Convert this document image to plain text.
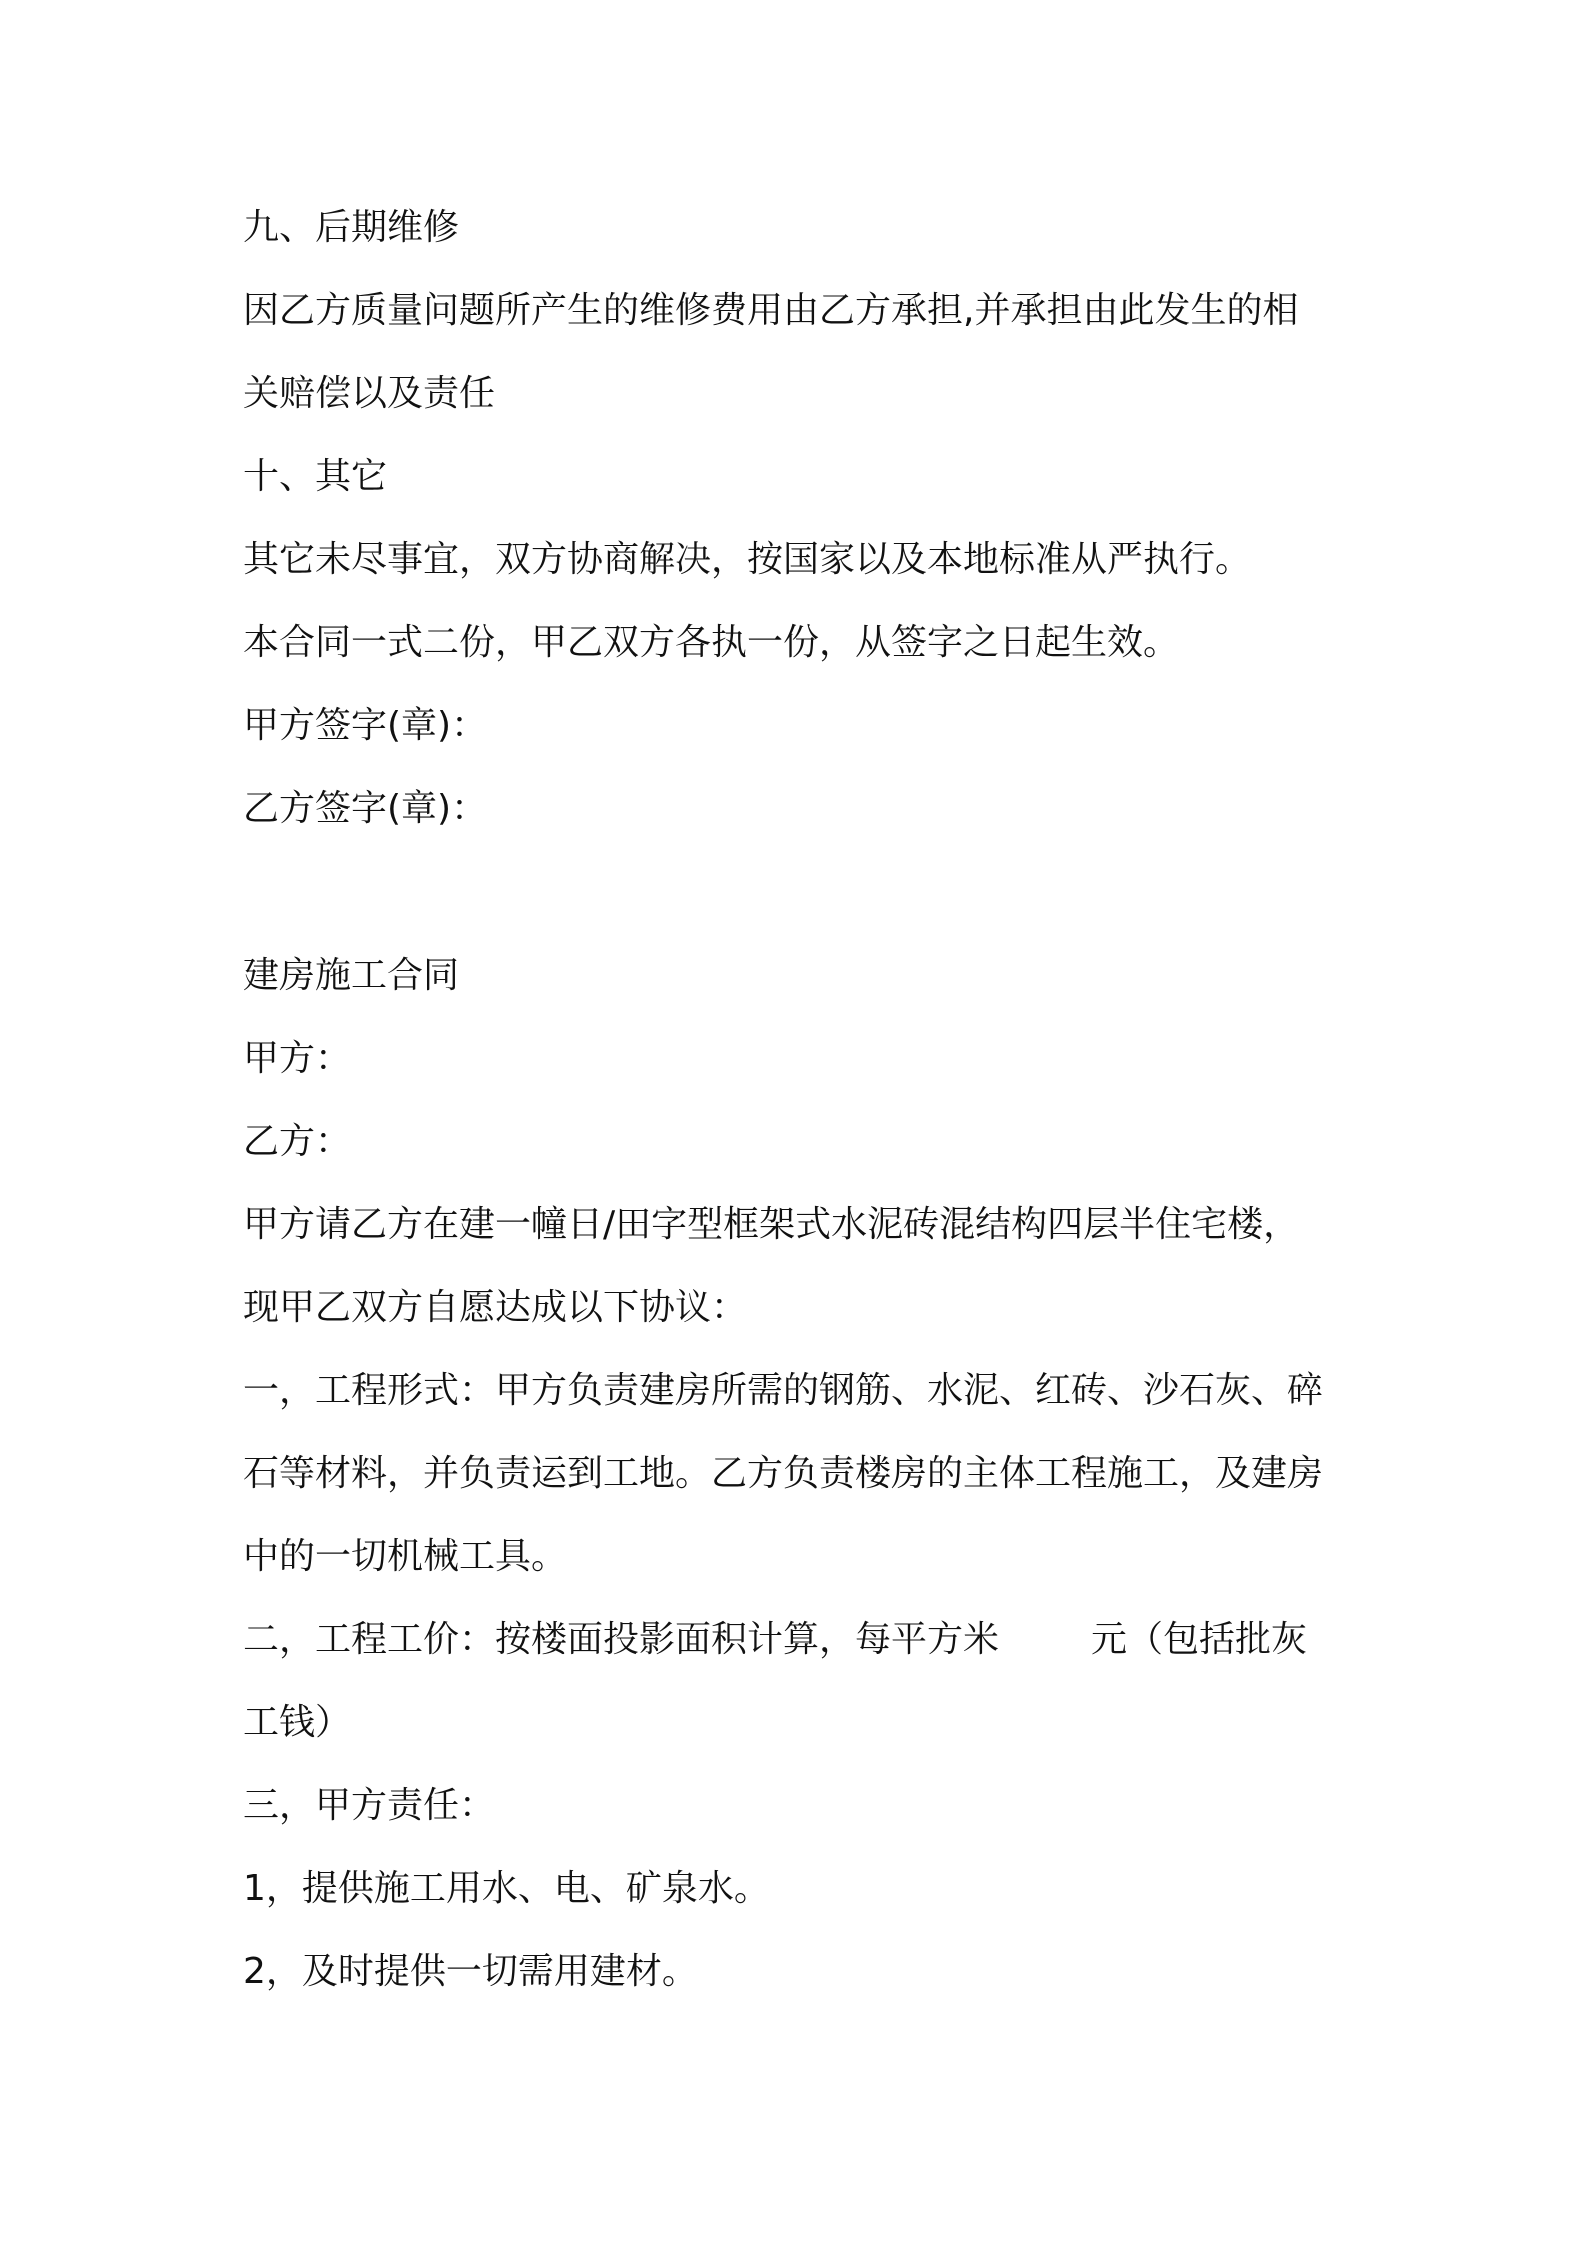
九、后期维修
因乙方质量问题所产生的维修费用由乙方承担,并承担由此发生的相
关赔偿以及责任
十、其它
其它未尽事宜，双方协商解决，按国家以及本地标准从严执行。
本合同一式二份，甲乙双方各执一份，从签字之日起生效。
甲方签字(章)：
乙方签字(章)：
建房施工合同
甲方：
乙方：
甲方请乙方在建一幢日/田字型框架式水泥砖混结构四层半住宅楼，
现甲乙双方自愿达成以下协议：
一，工程形式：甲方负责建房所需的钢筋、水泥、红砖、沙石灰、碎
石等材料，并负责运到工地。乙方负责楼房的主体工程施工，及建房
中的一切机械工具。
二，工程工价：按楼面投影面积计算，每平方米	元（包括批灰
工钱）
三，甲方责任：
1，提供施工用水、电、矿泉水。
2，及时提供一切需用建材。
